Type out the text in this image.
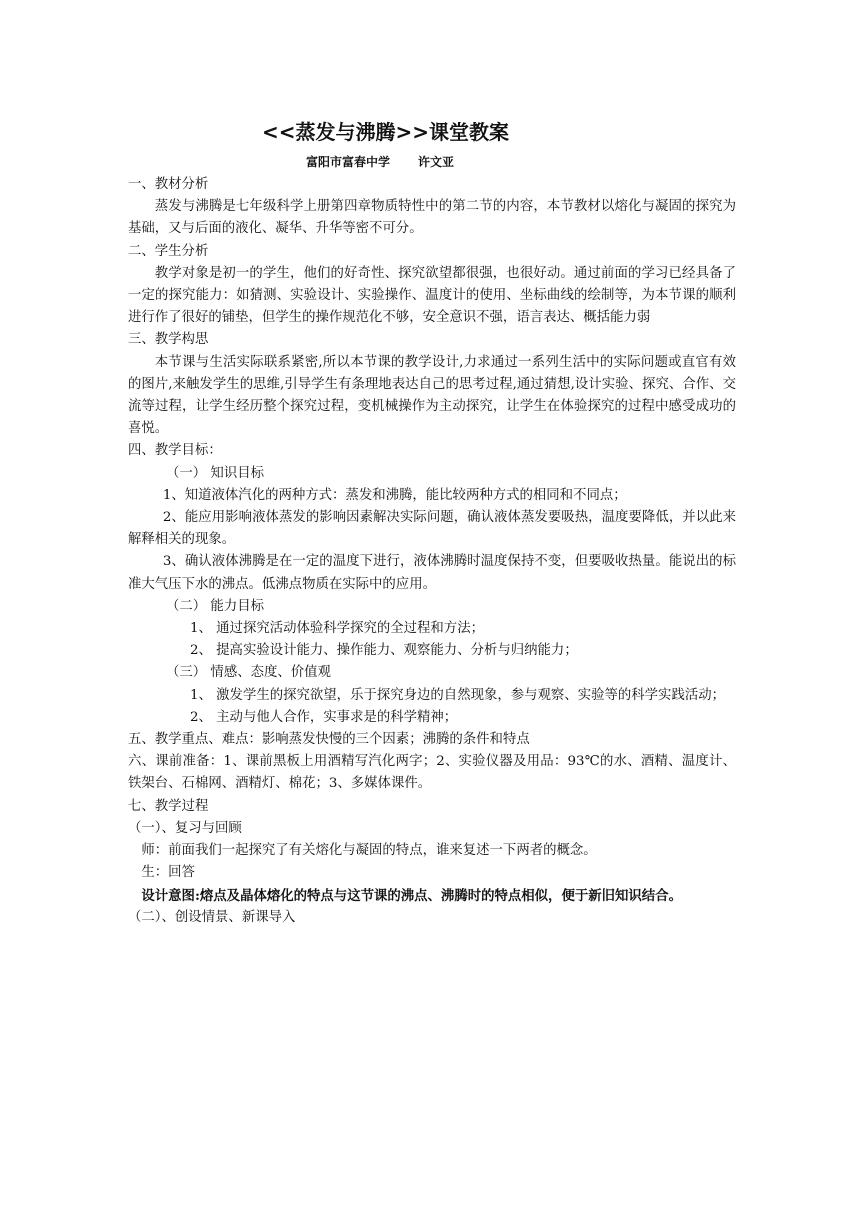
<<蒸发与沸腾>>课堂教案
富阳市富春中学 许文亚

一、教材分析

蒸发与沸腾是七年级科学上册第四章物质特性中的第二节的内容，本节教材以熔化与凝固的探究为基础，又与后面的液化、凝华、升华等密不可分。

二、学生分析

教学对象是初一的学生，他们的好奇性、探究欲望都很强，也很好动。通过前面的学习已经具备了一定的探究能力：如猜测、实验设计、实验操作、温度计的使用、坐标曲线的绘制等，为本节课的顺利进行作了很好的铺垫，但学生的操作规范化不够，安全意识不强，语言表达、概括能力弱

三、教学构思

本节课与生活实际联系紧密,所以本节课的教学设计,力求通过一系列生活中的实际问题或直官有效的图片,来触发学生的思维,引导学生有条理地表达自己的思考过程,通过猜想,设计实验、探究、合作、交流等过程，让学生经历整个探究过程，变机械操作为主动探究，让学生在体验探究的过程中感受成功的喜悦。

四、教学目标：

（一） 知识目标

1、知道液体汽化的两种方式：蒸发和沸腾，能比较两种方式的相同和不同点；

2、能应用影响液体蒸发的影响因素解决实际问题，确认液体蒸发要吸热，温度要降低，并以此来解释相关的现象。

3、确认液体沸腾是在一定的温度下进行，液体沸腾时温度保持不变，但要吸收热量。能说出的标准大气压下水的沸点。低沸点物质在实际中的应用。

（二） 能力目标

1、 通过探究活动体验科学探究的全过程和方法；

2、 提高实验设计能力、操作能力、观察能力、分析与归纳能力；

（三） 情感、态度、价值观

1、 激发学生的探究欲望，乐于探究身边的自然现象，参与观察、实验等的科学实践活动；

2、 主动与他人合作，实事求是的科学精神；

五、教学重点、难点：影响蒸发快慢的三个因素；沸腾的条件和特点

六、课前准备：1、课前黑板上用酒精写汽化两字；2、实验仪器及用品：93℃的水、酒精、温度计、铁架台、石棉网、酒精灯、棉花；3、多媒体课件。

七、教学过程

（一）、复习与回顾

师：前面我们一起探究了有关熔化与凝固的特点，谁来复述一下两者的概念。

生：回答

设计意图:熔点及晶体熔化的特点与这节课的沸点、沸腾时的特点相似，便于新旧知识结合。

（二）、创设情景、新课导入
